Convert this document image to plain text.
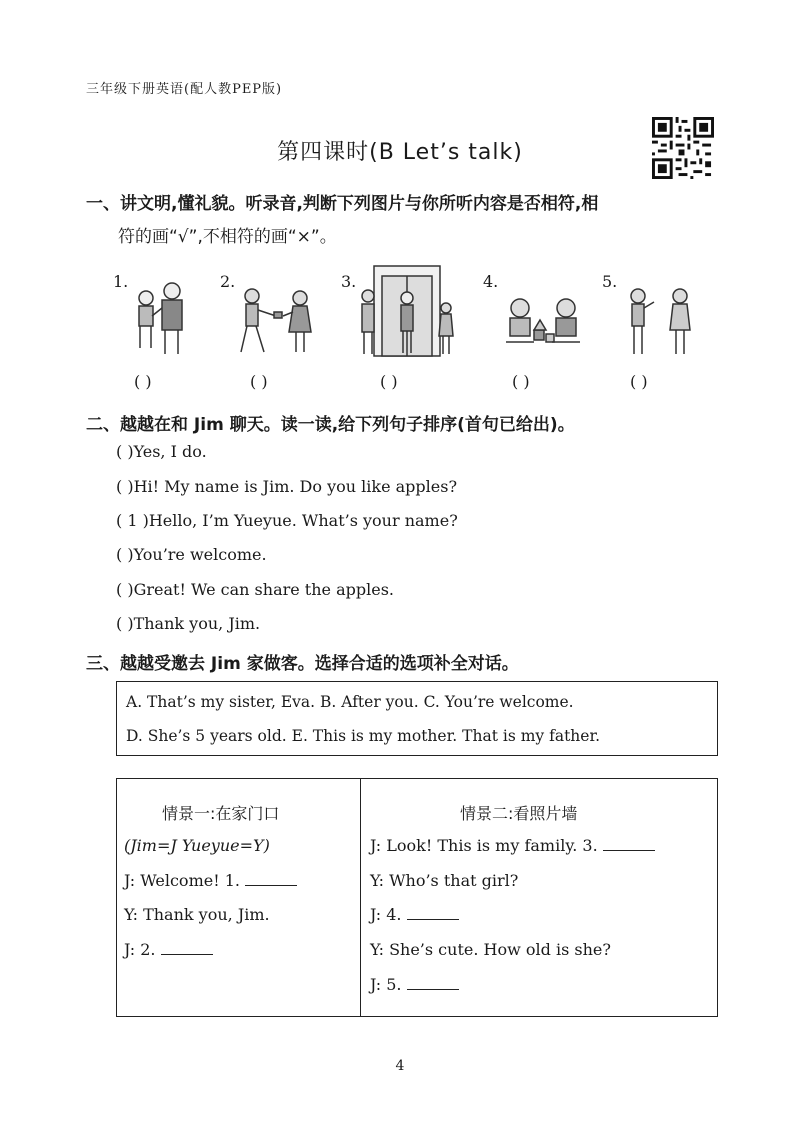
三年级下册英语(配人教PEP版)
第四课时(B Let’s talk)
一、讲文明,懂礼貌。听录音,判断下列图片与你所听内容是否相符,相
符的画“√”,不相符的画“×”。
1.	2.	3.	4.	5.
( )	( )	( )	( )	( )
二、越越在和 Jim 聊天。读一读,给下列句子排序(首句已给出)。
( )Yes, I do.
( )Hi! My name is Jim. Do you like apples?
( 1 )Hello, I’m Yueyue. What’s your name?
( )You’re welcome.
( )Great! We can share the apples.
( )Thank you, Jim.
三、越越受邀去 Jim 家做客。选择合适的选项补全对话。
A. That’s my sister, Eva. B. After you. C. You’re welcome.
D. She’s 5 years old. E. This is my mother. That is my father.
情景一:在家门口
(Jim=J Yueyue=Y)
J: Welcome! 1.
Y: Thank you, Jim.
J: 2.
情景二:看照片墙
J: Look! This is my family. 3.
Y: Who’s that girl?
J: 4.
Y: She’s cute. How old is she?
J: 5.
4
